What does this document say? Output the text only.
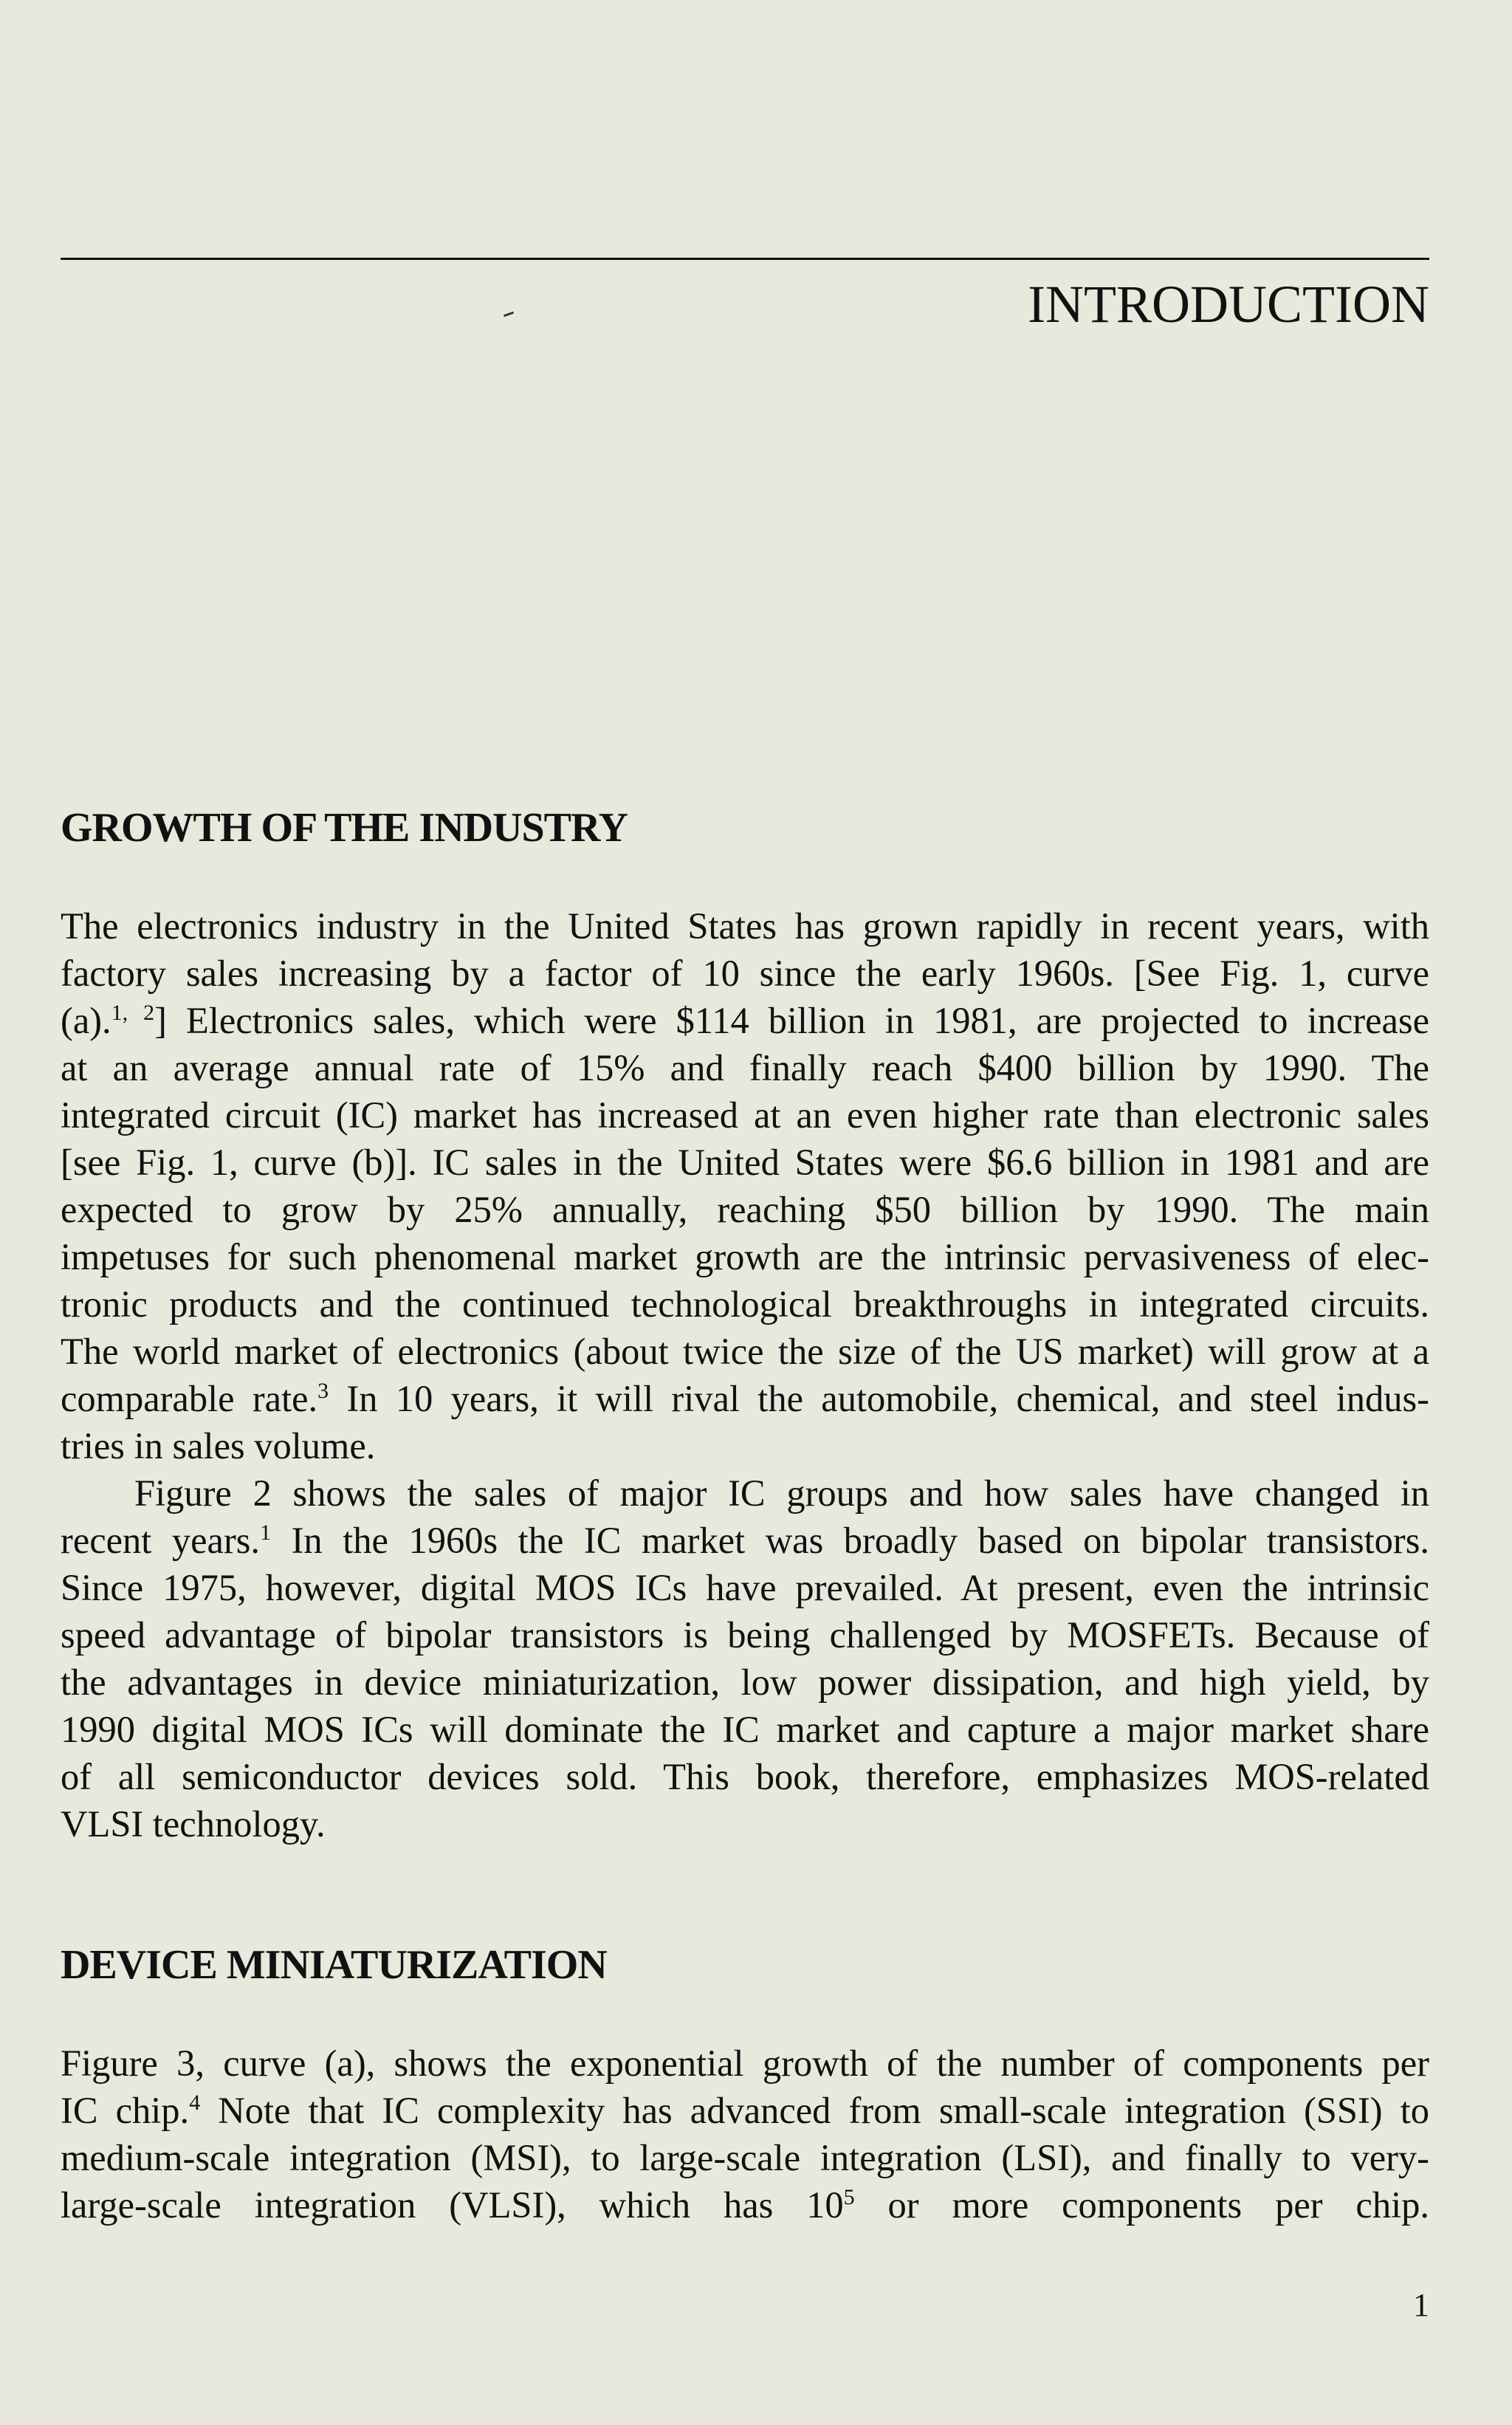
INTRODUCTION
GROWTH OF THE INDUSTRY
The electronics industry in the United States has grown rapidly in recent years, with
factory sales increasing by a factor of 10 since the early 1960s. [See Fig. 1, curve
(a).$^{1, 2}$] Electronics sales, which were $114 billion in 1981, are projected to increase
at an average annual rate of 15% and finally reach $400 billion by 1990. The
integrated circuit (IC) market has increased at an even higher rate than electronic sales
[see Fig. 1, curve (b)]. IC sales in the United States were $6.6 billion in 1981 and are
expected to grow by 25% annually, reaching $50 billion by 1990. The main
impetuses for such phenomenal market growth are the intrinsic pervasiveness of elec-
tronic products and the continued technological breakthroughs in integrated circuits.
The world market of electronics (about twice the size of the US market) will grow at a
comparable rate.$^3$ In 10 years, it will rival the automobile, chemical, and steel indus-
tries in sales volume.
Figure 2 shows the sales of major IC groups and how sales have changed in
recent years.$^1$ In the 1960s the IC market was broadly based on bipolar transistors.
Since 1975, however, digital MOS ICs have prevailed. At present, even the intrinsic
speed advantage of bipolar transistors is being challenged by MOSFETs. Because of
the advantages in device miniaturization, low power dissipation, and high yield, by
1990 digital MOS ICs will dominate the IC market and capture a major market share
of all semiconductor devices sold. This book, therefore, emphasizes MOS-related
VLSI technology.
DEVICE MINIATURIZATION
Figure 3, curve (a), shows the exponential growth of the number of components per
IC chip.$^4$ Note that IC complexity has advanced from small-scale integration (SSI) to
medium-scale integration (MSI), to large-scale integration (LSI), and finally to very-
large-scale integration (VLSI), which has $10^5$ or more components per chip.

1
